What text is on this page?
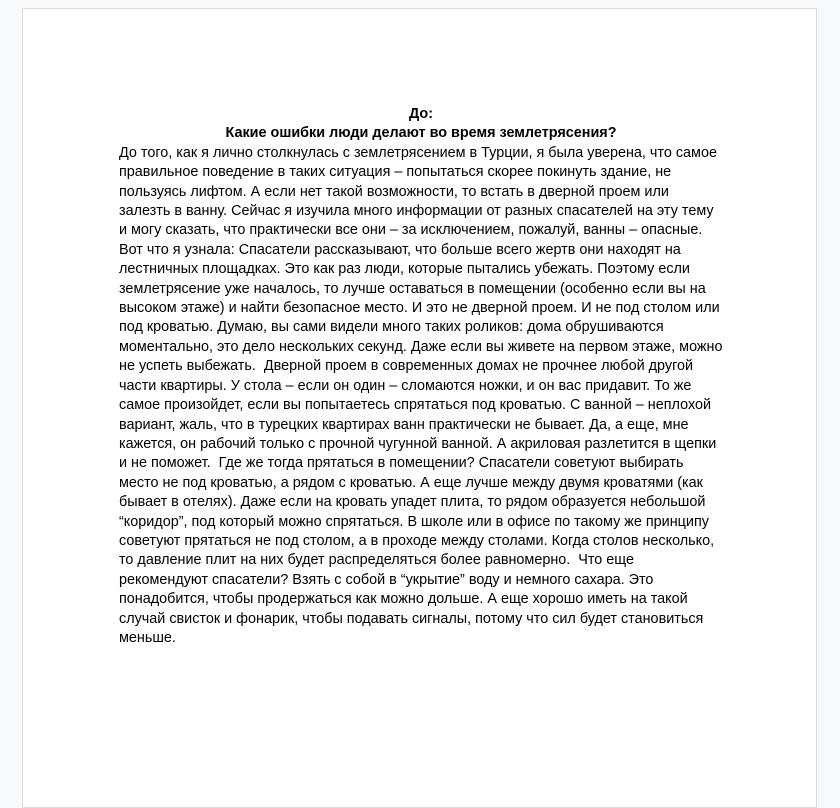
До:

Какие ошибки люди делают во время землетрясения?

До того, как я лично столкнулась с землетрясением в Турции, я была уверена, что самое правильное поведение в таких ситуация – попытаться скорее покинуть здание, не пользуясь лифтом. А если нет такой возможности, то встать в дверной проем или залезть в ванну. Сейчас я изучила много информации от разных спасателей на эту тему и могу сказать, что практически все они – за исключением, пожалуй, ванны – опасные. Вот что я узнала: Спасатели рассказывают, что больше всего жертв они находят на лестничных площадках. Это как раз люди, которые пытались убежать. Поэтому если землетрясение уже началось, то лучше оставаться в помещении (особенно если вы на высоком этаже) и найти безопасное место. И это не дверной проем. И не под столом или под кроватью. Думаю, вы сами видели много таких роликов: дома обрушиваются моментально, это дело нескольких секунд. Даже если вы живете на первом этаже, можно не успеть выбежать.  Дверной проем в современных домах не прочнее любой другой части квартиры. У стола – если он один – сломаются ножки, и он вас придавит. То же самое произойдет, если вы попытаетесь спрятаться под кроватью. С ванной – неплохой вариант, жаль, что в турецких квартирах ванн практически не бывает. Да, а еще, мне кажется, он рабочий только с прочной чугунной ванной. А акриловая разлетится в щепки и не поможет.  Где же тогда прятаться в помещении? Спасатели советуют выбирать место не под кроватью, а рядом с кроватью. А еще лучше между двумя кроватями (как бывает в отелях). Даже если на кровать упадет плита, то рядом образуется небольшой “коридор”, под который можно спрятаться. В школе или в офисе по такому же принципу советуют прятаться не под столом, а в проходе между столами. Когда столов несколько, то давление плит на них будет распределяться более равномерно.  Что еще рекомендуют спасатели? Взять с собой в “укрытие” воду и немного сахара. Это понадобится, чтобы продержаться как можно дольше. А еще хорошо иметь на такой случай свисток и фонарик, чтобы подавать сигналы, потому что сил будет становиться меньше.
